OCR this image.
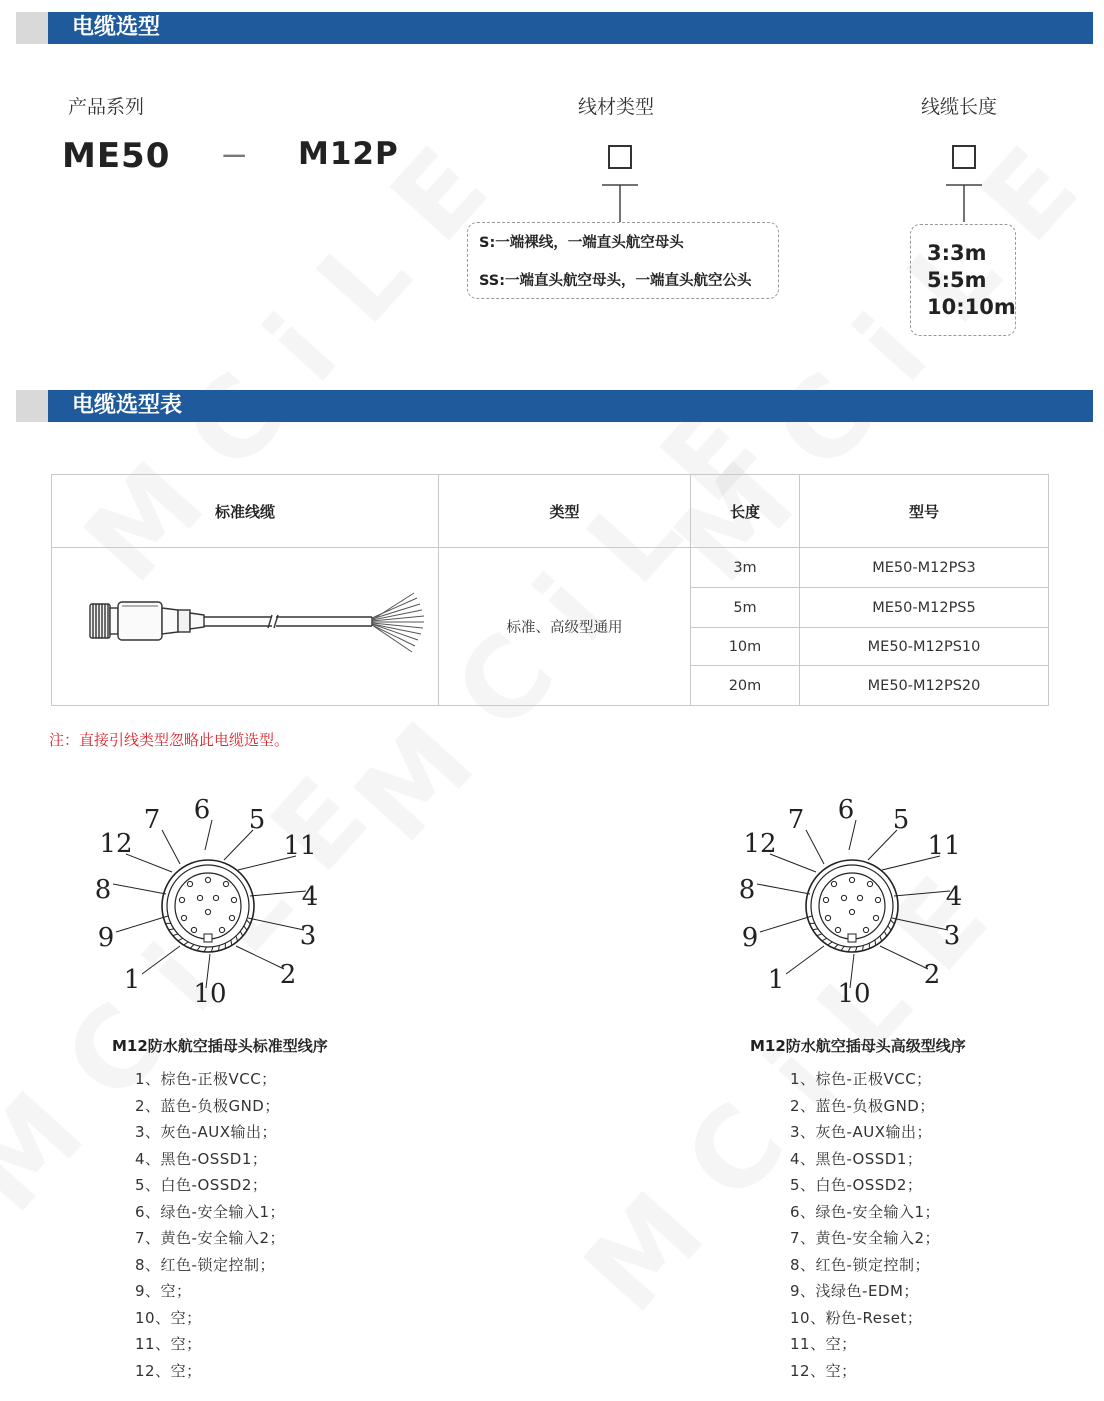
电缆选型
产品系列
ME50 — M12P
线材类型
S:一端裸线，一端直头航空母头
SS:一端直头航空母头，一端直头航空公头
线缆长度
3:3m
5:5m
10:10m
电缆选型表
标准线缆	类型	长度	型号
标准、高级型通用
3m	ME50-M12PS3
5m	ME50-M12PS5
10m	ME50-M12PS10
20m	ME50-M12PS20
注：直接引线类型忽略此电缆选型。
6
7	5
12	11
8	4
9	3
1	2
10
6
7	5
12	11
8	4
9	3
1	2
10
M12防水航空插母头标准型线序
1、棕色-正极VCC；
2、蓝色-负极GND；
3、灰色-AUX输出；
4、黑色-OSSD1；
5、白色-OSSD2；
6、绿色-安全输入1；
7、黄色-安全输入2；
8、红色-锁定控制；
9、空；
10、空；
11、空；
12、空；
M12防水航空插母头高级型线序
1、棕色-正极VCC；
2、蓝色-负极GND；
3、灰色-AUX输出；
4、黑色-OSSD1；
5、白色-OSSD2；
6、绿色-安全输入1；
7、黄色-安全输入2；
8、红色-锁定控制；
9、浅绿色-EDM；
10、粉色-Reset；
11、空；
12、空；
